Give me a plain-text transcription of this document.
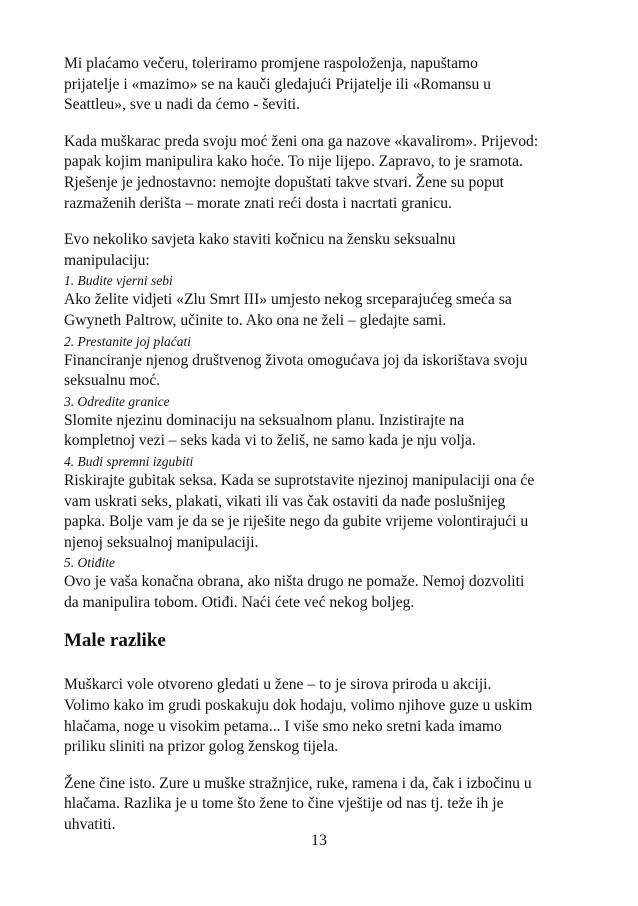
Mi plaćamo večeru, toleriramo promjene raspoloženja, napuštamo
prijatelje i «mazimo» se na kauči gledajući Prijatelje ili «Romansu u
Seattleu», sve u nadi da ćemo - ševiti.

Kada muškarac preda svoju moć ženi ona ga nazove «kavalirom». Prijevod:
papak kojim manipulira kako hoće. To nije lijepo. Zapravo, to je sramota.
Rješenje je jednostavno: nemojte dopuštati takve stvari. Žene su poput
razmaženih derišta – morate znati reći dosta i nacrtati granicu.

Evo nekoliko savjeta kako staviti kočnicu na žensku seksualnu
manipulaciju:

1. Budite vjerni sebi

Ako želite vidjeti «Zlu Smrt III» umjesto nekog srceparajućeg smeća sa
Gwyneth Paltrow, učinite to. Ako ona ne želi – gledajte sami.

2. Prestanite joj plaćati

Financiranje njenog društvenog života omogućava joj da iskorištava svoju
seksualnu moć.

3. Odredite granice

Slomite njezinu dominaciju na seksualnom planu. Inzistirajte na
kompletnoj vezi – seks kada vi to želiš, ne samo kada je nju volja.

4. Budi spremni izgubiti

Riskirajte gubitak seksa. Kada se suprotstavite njezinoj manipulaciji ona će
vam uskrati seks, plakati, vikati ili vas čak ostaviti da nađe poslušnijeg
papka. Bolje vam je da se je riješite nego da gubite vrijeme volontirajući u
njenoj seksualnoj manipulaciji.

5. Otiđite

Ovo je vaša konačna obrana, ako ništa drugo ne pomaže. Nemoj dozvoliti
da manipulira tobom. Otiđi. Naći ćete već nekog boljeg.

Male razlike

Muškarci vole otvoreno gledati u žene – to je sirova priroda u akciji.
Volimo kako im grudi poskakuju dok hodaju, volimo njihove guze u uskim
hlačama, noge u visokim petama... I više smo neko sretni kada imamo
priliku sliniti na prizor golog ženskog tijela.

Žene čine isto. Zure u muške stražnjice, ruke, ramena i da, čak i izbočinu u
hlačama. Razlika je u tome što žene to čine vještije od nas tj. teže ih je
uhvatiti.

13
